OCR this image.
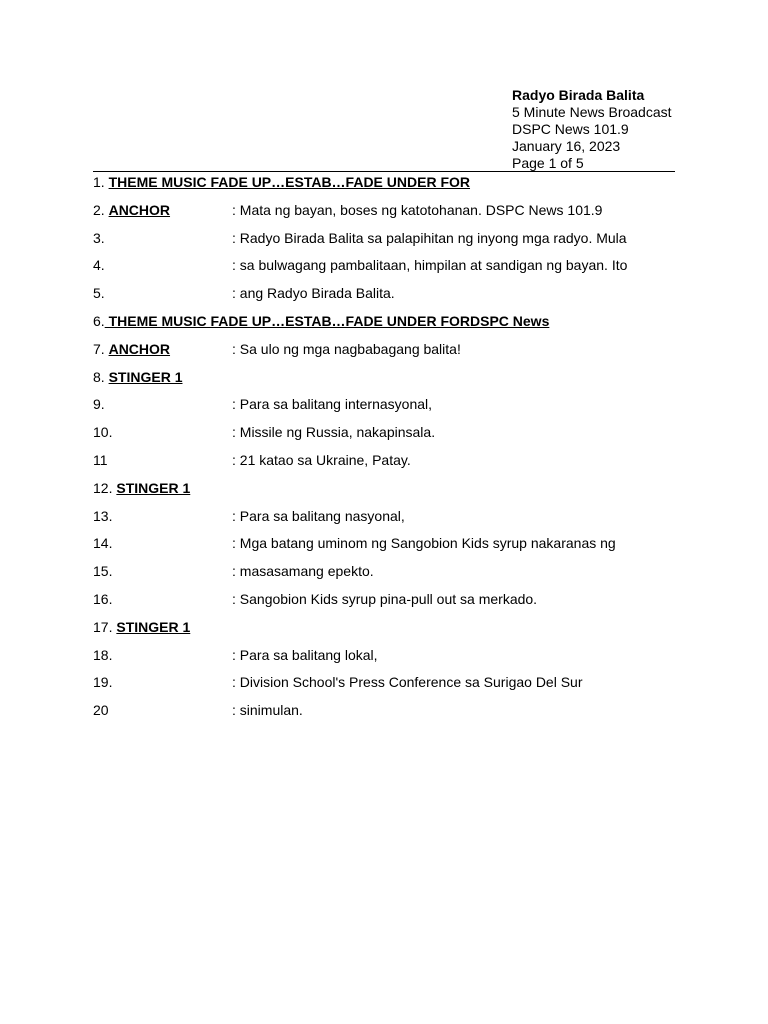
Radyo Birada Balita
5 Minute News Broadcast
DSPC News 101.9
January 16, 2023
Page 1 of 5
1. THEME MUSIC FADE UP…ESTAB…FADE UNDER FOR
2. ANCHOR	: Mata ng bayan, boses ng katotohanan. DSPC News 101.9
3.	: Radyo Birada Balita sa palapihitan ng inyong mga radyo. Mula
4.	: sa bulwagang pambalitaan, himpilan at sandigan ng bayan. Ito
5.	: ang Radyo Birada Balita.
6. THEME MUSIC FADE UP…ESTAB…FADE UNDER FORDSPC News
7. ANCHOR	: Sa ulo ng mga nagbabagang balita!
8. STINGER 1
9.	: Para sa balitang internasyonal,
10.	: Missile ng Russia, nakapinsala.
11	: 21 katao sa Ukraine, Patay.
12. STINGER 1
13.	: Para sa balitang nasyonal,
14.	: Mga batang uminom ng Sangobion Kids syrup nakaranas ng
15.	: masasamang epekto.
16.	: Sangobion Kids syrup pina-pull out sa merkado.
17. STINGER 1
18.	: Para sa balitang lokal,
19.	: Division School's Press Conference sa Surigao Del Sur
20	: sinimulan.
